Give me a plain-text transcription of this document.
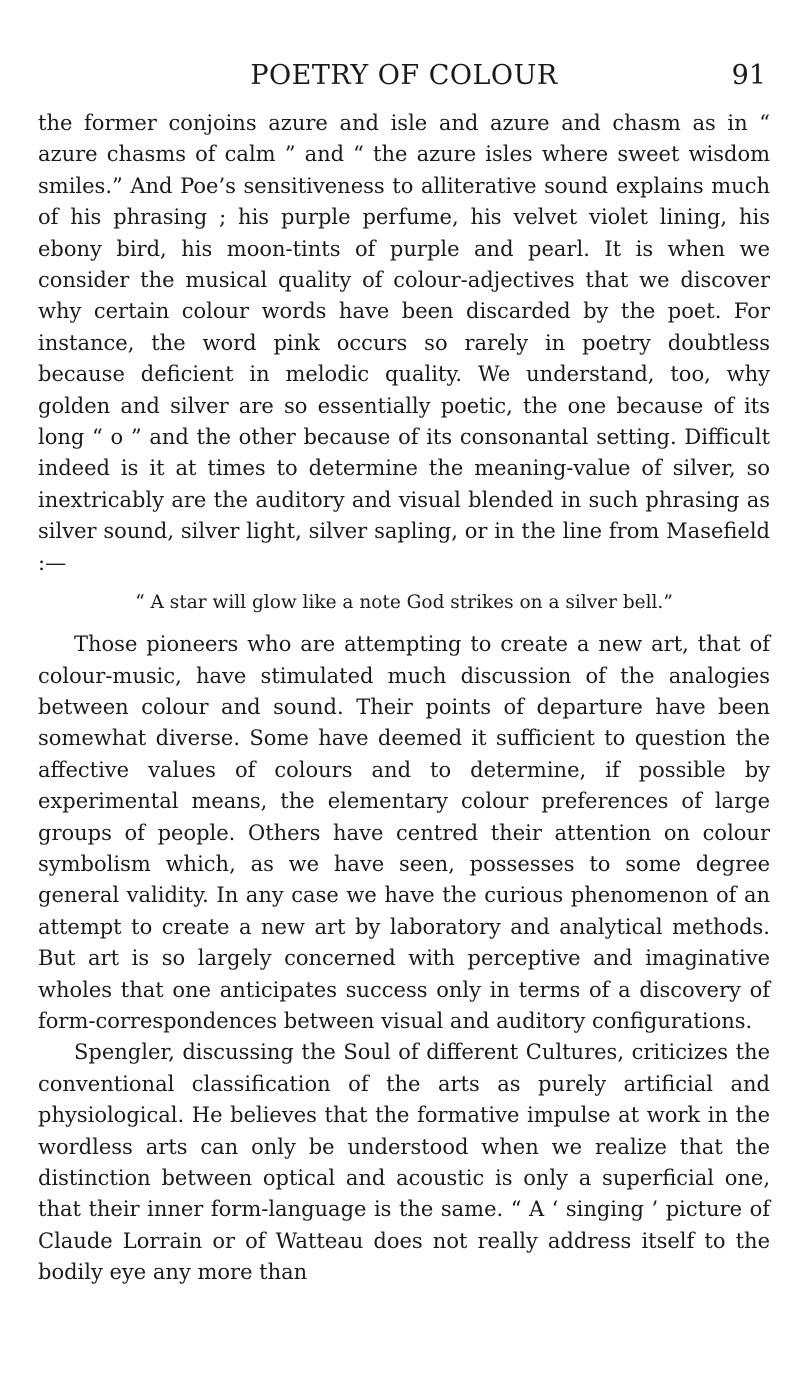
POETRY OF COLOUR	91

the former conjoins azure and isle and azure and chasm as in “ azure chasms of calm ” and “ the azure isles where sweet wisdom smiles.” And Poe’s sensitiveness to alliterative sound explains much of his phrasing ; his purple perfume, his velvet violet lining, his ebony bird, his moon-tints of purple and pearl. It is when we consider the musical quality of colour-adjectives that we discover why certain colour words have been discarded by the poet. For instance, the word pink occurs so rarely in poetry doubtless because deficient in melodic quality. We understand, too, why golden and silver are so essentially poetic, the one because of its long “ o ” and the other because of its consonantal setting. Difficult indeed is it at times to determine the meaning-value of silver, so inextricably are the auditory and visual blended in such phrasing as silver sound, silver light, silver sapling, or in the line from Masefield :—

“ A star will glow like a note God strikes on a silver bell.”

Those pioneers who are attempting to create a new art, that of colour-music, have stimulated much discussion of the analogies between colour and sound. Their points of departure have been somewhat diverse. Some have deemed it sufficient to question the affective values of colours and to determine, if possible by experimental means, the elementary colour preferences of large groups of people. Others have centred their attention on colour symbolism which, as we have seen, possesses to some degree general validity. In any case we have the curious phenomenon of an attempt to create a new art by laboratory and analytical methods. But art is so largely concerned with perceptive and imaginative wholes that one anticipates success only in terms of a discovery of form-correspondences between visual and auditory configurations.

Spengler, discussing the Soul of different Cultures, criticizes the conventional classification of the arts as purely artificial and physiological. He believes that the formative impulse at work in the wordless arts can only be understood when we realize that the distinction between optical and acoustic is only a superficial one, that their inner form-language is the same. “ A ‘ singing ’ picture of Claude Lorrain or of Watteau does not really address itself to the bodily eye any more than
